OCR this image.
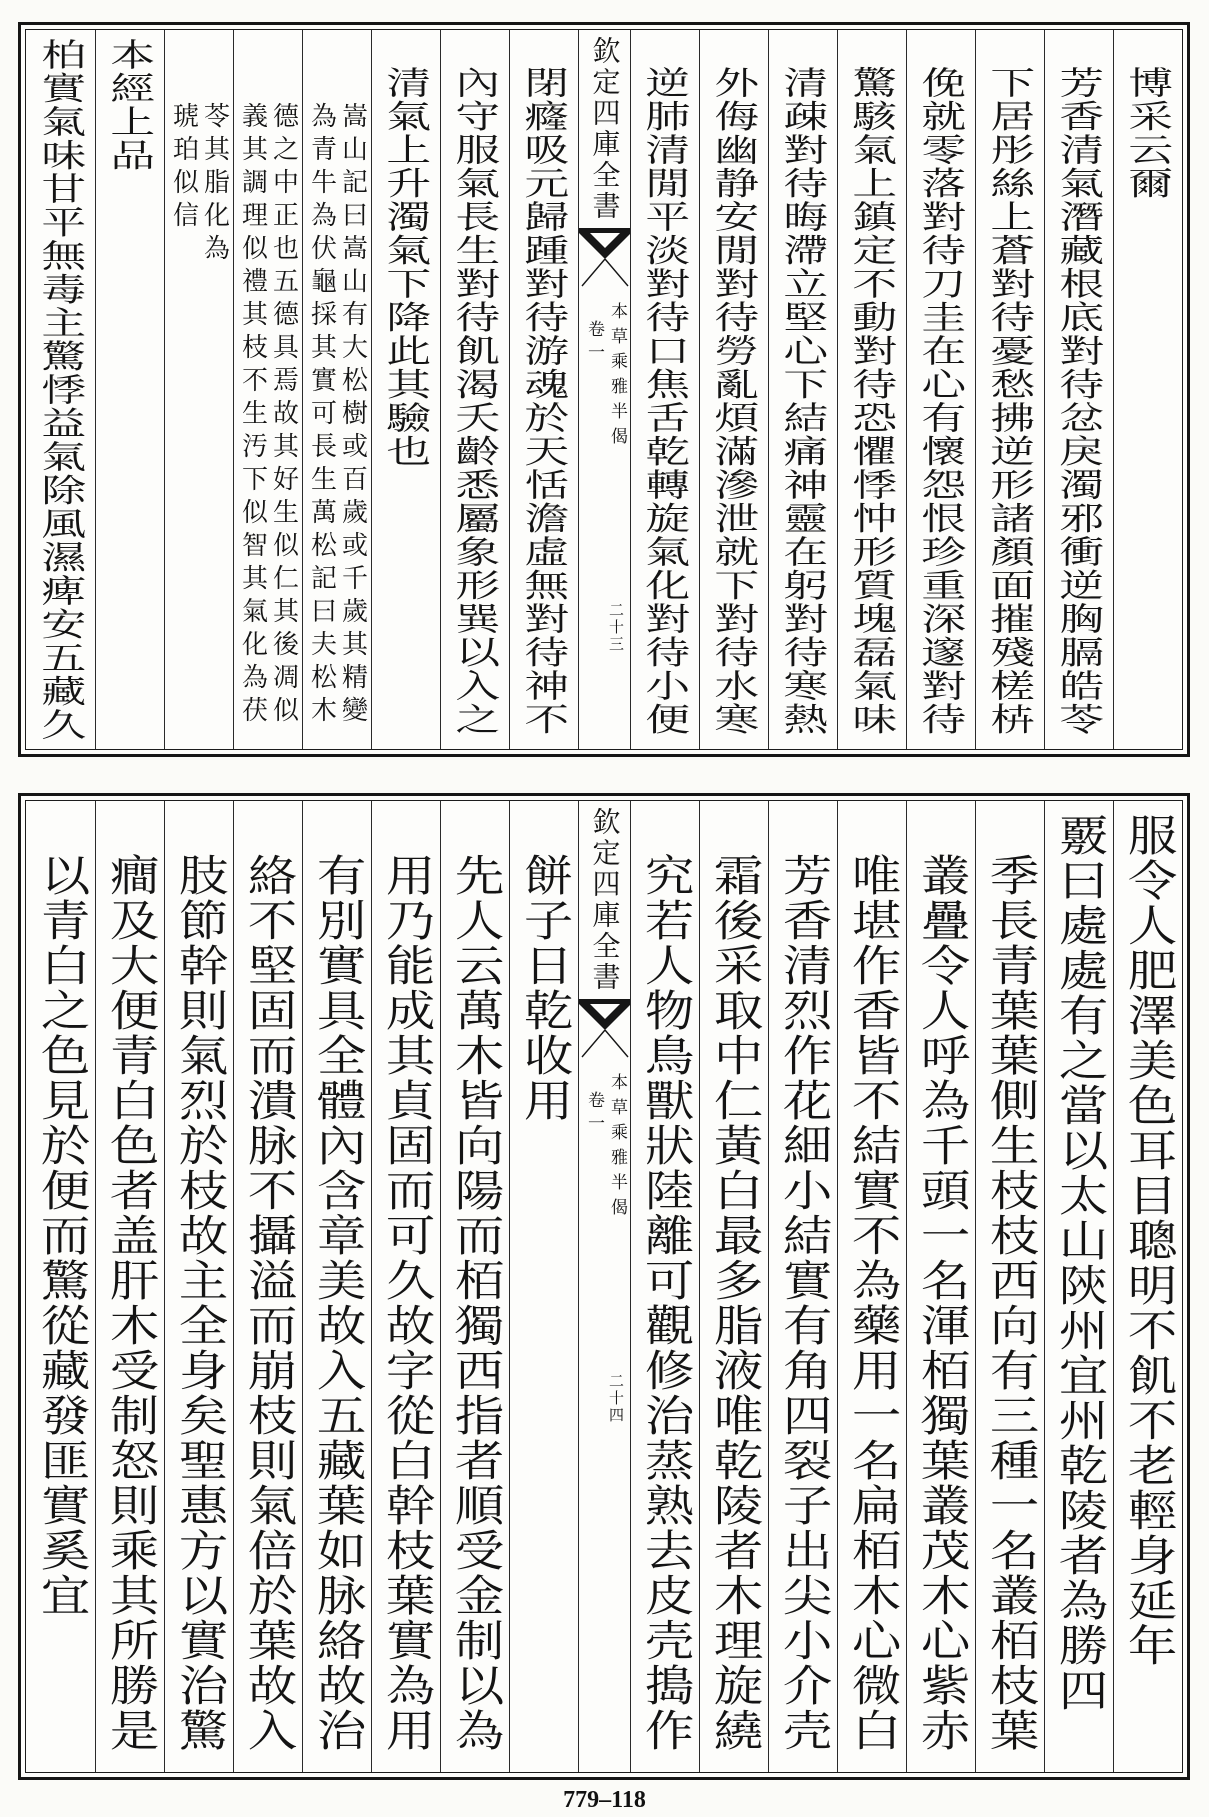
博采云爾
芳香清氣潛藏根底對待忿戾濁邪衝逆胸膈皓苓
下居彤絲上蒼對待憂愁拂逆形諸顏面摧殘槎枿
俛就零落對待刀圭在心有懷怨恨珍重深邃對待
驚駭氣上鎮定不動對待恐懼悸忡形質塊磊氣味
清疎對待晦滯立堅心下結痛神靈在躬對待寒熱
外侮幽静安閒對待勞亂煩滿滲泄就下對待水寒
逆肺清閒平淡對待口焦舌乾轉旋氣化對待小便
欽定四庫全書
本草乘雅半偈
卷一
二十三
閉癃吸元歸踵對待游魂於天恬澹虛無對待神不
內守服氣長生對待飢渴夭齡悉屬象形巽以入之
清氣上升濁氣下降此其驗也
嵩山記曰嵩山有大松樹或百歲或千歲其精變
為青牛為伏龜採其實可長生萬松記曰夫松木
德之中正也五德具焉故其好生似仁其後凋似
義其調理似禮其枝不生汚下似智其氣化為茯
苓其脂化為
琥珀似信
本經上品
柏實氣味甘平無毒主驚悸益氣除風濕痺安五藏久
服令人肥澤美色耳目聰明不飢不老輕身延年
覈曰處處有之當以太山陝州宜州乾陵者為勝四
季長青葉葉側生枝枝西向有三種一名叢栢枝葉
叢疊令人呼為千頭一名渾栢獨葉叢茂木心紫赤
唯堪作香皆不結實不為藥用一名扁栢木心微白
芳香清烈作花細小結實有角四裂子出尖小介壳
霜後采取中仁黃白最多脂液唯乾陵者木理旋繞
究若人物鳥獸狀陸離可觀修治蒸熟去皮壳搗作
欽定四庫全書
本草乘雅半偈
卷一
二十四
餅子日乾收用
先人云萬木皆向陽而栢獨西指者順受金制以為
用乃能成其貞固而可久故字從白幹枝葉實為用
有別實具全體內含章美故入五藏葉如脉絡故治
絡不堅固而潰脉不攝溢而崩枝則氣倍於葉故入
肢節幹則氣烈於枝故主全身矣聖惠方以實治驚
癎及大便青白色者盖肝木受制怒則乘其所勝是
以青白之色見於便而驚從藏發匪實奚宜
779–118
